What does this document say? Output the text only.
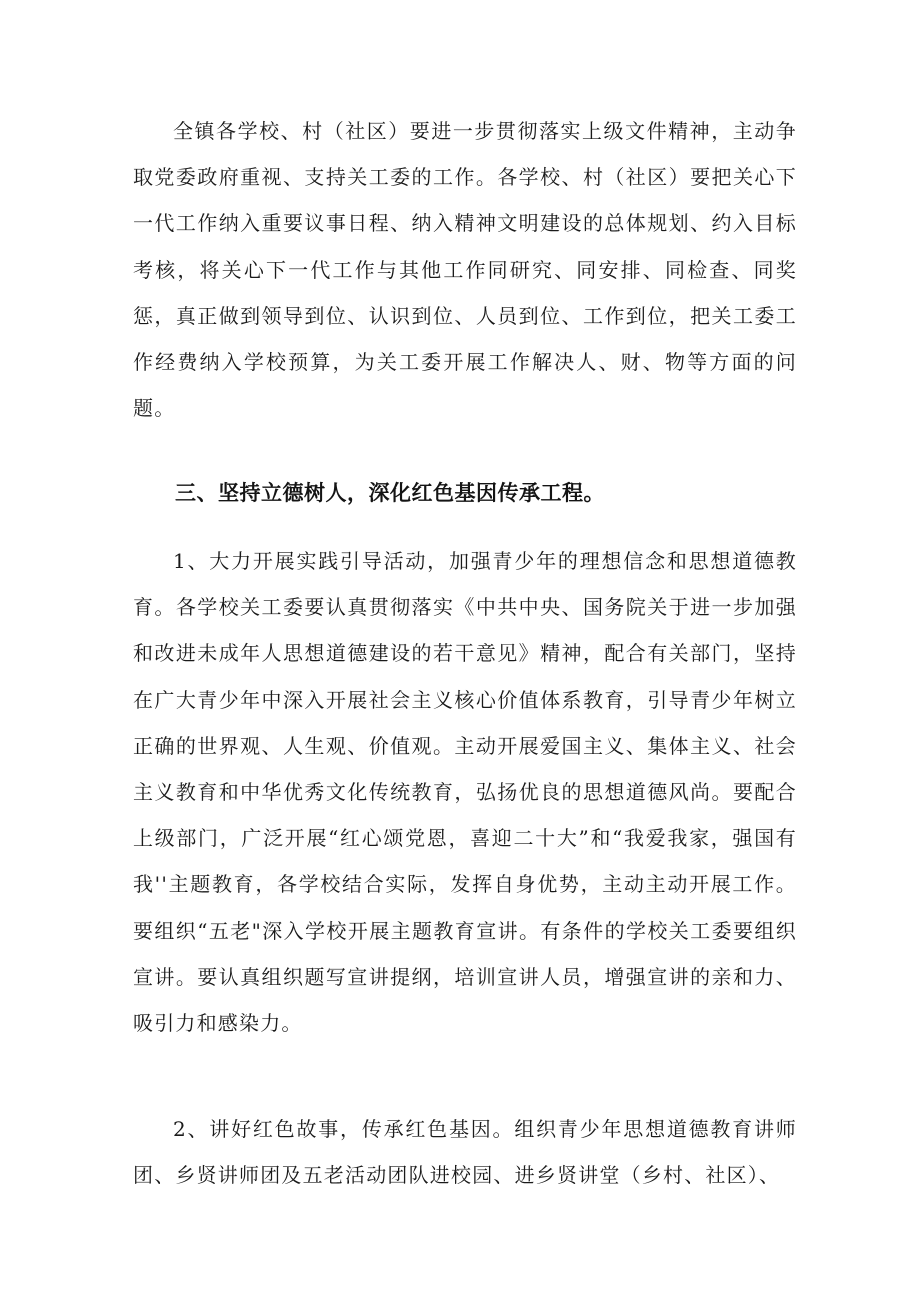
全镇各学校、村（社区）要进一步贯彻落实上级文件精神，主动争取党委政府重视、支持关工委的工作。各学校、村（社区）要把关心下一代工作纳入重要议事日程、纳入精神文明建设的总体规划、约入目标考核，将关心下一代工作与其他工作同研究、同安排、同检查、同奖惩，真正做到领导到位、认识到位、人员到位、工作到位，把关工委工作经费纳入学校预算，为关工委开展工作解决人、财、物等方面的问题。

三、坚持立德树人，深化红色基因传承工程。

1、大力开展实践引导活动，加强青少年的理想信念和思想道德教育。各学校关工委要认真贯彻落实《中共中央、国务院关于进一步加强和改进未成年人思想道德建设的若干意见》精神，配合有关部门，坚持在广大青少年中深入开展社会主义核心价值体系教育，引导青少年树立正确的世界观、人生观、价值观。主动开展爱国主义、集体主义、社会主义教育和中华优秀文化传统教育，弘扬优良的思想道德风尚。要配合上级部门，广泛开展“红心颂党恩，喜迎二十大”和“我爱我家，强国有我''主题教育，各学校结合实际，发挥自身优势，主动主动开展工作。要组织“五老"深入学校开展主题教育宣讲。有条件的学校关工委要组织宣讲。要认真组织题写宣讲提纲，培训宣讲人员，增强宣讲的亲和力、吸引力和感染力。

2、讲好红色故事，传承红色基因。组织青少年思想道德教育讲师团、乡贤讲师团及五老活动团队进校园、进乡贤讲堂（乡村、社区）、
